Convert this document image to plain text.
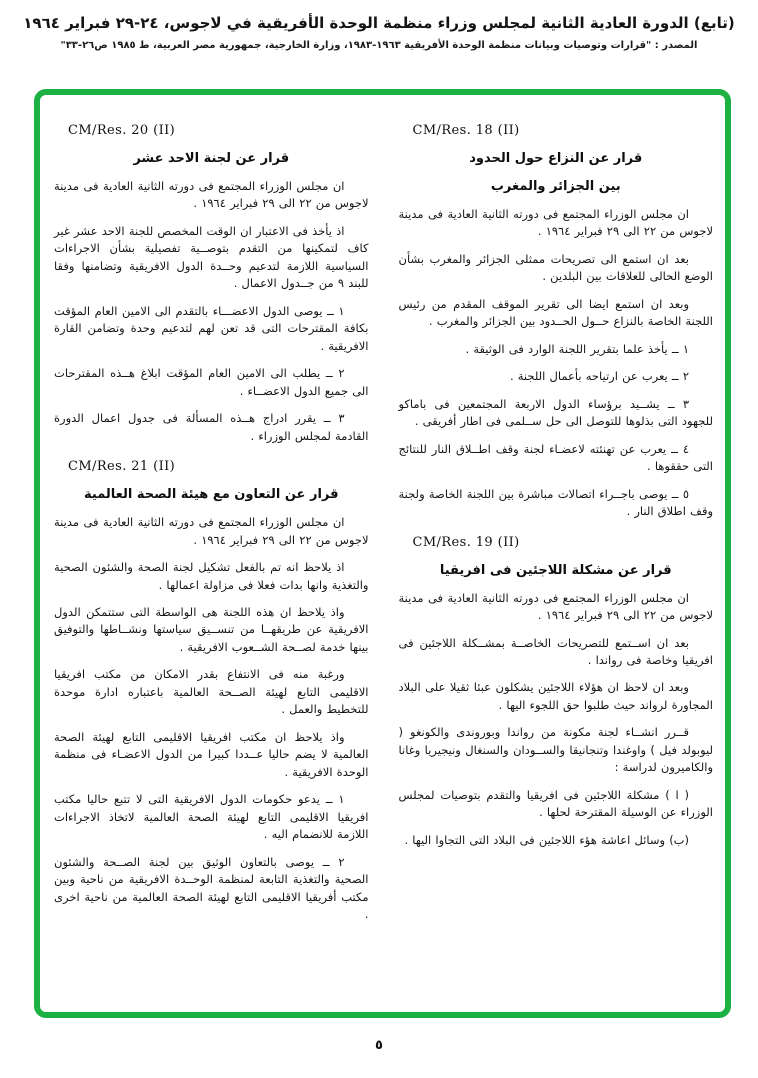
(تابع) الدورة العادية الثانية لمجلس وزراء منظمة الوحدة الأفريقية في لاجوس، ٢٤-٢٩ فبراير ١٩٦٤
المصدر : "قرارات وتوصيات وبيانات منظمة الوحدة الأفريقية ١٩٦٣-١٩٨٣، وزارة الخارجية، جمهورية مصر العربية، ط ١٩٨٥ ص٢٦-٣٣"
CM/Res. 18 (II)
قرار عن النزاع حول الحدود
بين الجزائر والمغرب
ان مجلس الوزراء المجتمع فى دورته الثانية العادية فى مدينة لاجوس من ٢٢ الى ٢٩ فبراير ١٩٦٤ .
بعد ان استمع الى تصريحات ممثلى الجزائر والمغرب بشأن الوضع الحالى للعلاقات بين البلدين .
وبعد ان استمع ايضا الى تقرير الموقف المقدم من رئيس اللجنة الخاصة بالنزاع حــول الحــدود بين الجزائر والمغرب .
١ ــ يأخذ علما بتقرير اللجنة الوارد فى الوثيقة .
٢ ــ يعرب عن ارتياحه بأعمال اللجنة .
٣ ــ يشــيد برؤساء الدول الاربعة المجتمعين فى باماكو للجهود التى بذلوها للتوصل الى حل ســلمى فى اطار أفريقى .
٤ ــ يعرب عن تهنئته لاعضـاء لجنة وقف اطــلاق النار للنتائج التى حققوها .
٥ ــ يوصى باجــراء اتصالات مباشرة بين اللجنة الخاصة ولجنة وقف اطلاق النار .
CM/Res. 19 (II)
قرار عن مشكلة اللاجئين فى افريقيا
ان مجلس الوزراء المجتمع فى دورته الثانية العادية فى مدينة لاجوس من ٢٢ الى ٢٩ فبراير ١٩٦٤ .
بعد ان اســتمع للتصريحات الخاصــة بمشــكلة اللاجئين فى افريقيا وخاصة فى رواندا .
وبعد ان لاحظ ان هؤلاء اللاجئين يشكلون عبئا ثقيلا على البلاد المجاورة لرواند حيث طلبوا حق اللجوء اليها .
قــرر انشــاء لجنة مكونة من رواندا وبوروندى والكونغو ( ليوبولد فيل ) واوغندا وتنجانيقا والســودان والسنغال ونيجيريا وغانا والكاميرون لدراسة :
( ا ) مشكلة اللاجئين فى افريقيا والتقدم بتوصيات لمجلس الوزراء عن الوسيلة المقترحة لحلها .
(ب) وسائل اعاشة هؤء اللاجئين فى البلاد التى التجاوا اليها .
CM/Res. 20 (II)
قرار عن لجنة الاحد عشر
ان مجلس الوزراء المجتمع فى دورته الثانية العادية فى مدينة لاجوس من ٢٢ الى ٢٩ فبراير ١٩٦٤ .
اذ يأخذ فى الاعتبار ان الوقت المخصص للجنة الاحد عشر غير كاف لتمكينها من التقدم بتوصــية تفصيلية بشأن الاجراءات السياسية اللازمة لتدعيم وحــدة الدول الافريقية وتضامنها وفقا للبند ٩ من جــدول الاعمال .
١ ــ يوصى الدول الاعضـــاء بالتقدم الى الامين العام المؤقت بكافة المقترحات التى قد تعن لهم لتدعيم وحدة وتضامن القارة الافريقية .
٢ ــ يطلب الى الامين العام المؤقت ابلاغ هــذه المقترحات الى جميع الدول الاعضــاء .
٣ ــ يقرر ادراج هــذه المسألة فى جدول اعمال الدورة القادمة لمجلس الوزراء .
CM/Res. 21 (II)
قرار عن التعاون مع هيئة الصحة العالمية
ان مجلس الوزراء المجتمع فى دورته الثانية العادية فى مدينة لاجوس من ٢٢ الى ٢٩ فبراير ١٩٦٤ .
اذ يلاحظ انه تم بالفعل تشكيل لجنة الصحة والشئون الصحية والتغذية وانها بدات فعلا فى مزاولة اعمالها .
واذ يلاحظ ان هذه اللجنة هى الواسطة التى ستتمكن الدول الافريقية عن طريقهــا من تنســيق سياستها ونشــاطها والتوفيق بينها خدمة لصــحة الشــعوب الافريقية .
ورغبة منه فى الانتفاع بقدر الامكان من مكتب افريقيا الاقليمى التابع لهيئة الصــحة العالمية باعتباره ادارة موحدة للتخطيط والعمل .
واذ يلاحظ ان مكتب افريقيا الاقليمى التابع لهيئة الصحة العالمية لا يضم حاليا عــددا كبيرا من الدول الاعضـاء فى منظمة الوحدة الافريقية .
١ ــ يدعو حكومات الدول الافريقية التى لا تتبع حاليا مكتب افريقيا الاقليمى التابع لهيئة الصحة العالمية لاتخاذ الاجراءات اللازمة للانضمام اليه .
٢ ــ يوصى بالتعاون الوثيق بين لجنة الصــحة والشئون الصحية والتغذية التابعة لمنظمة الوحــدة الافريقية من ناحية وبين مكتب أفريقيا الاقليمى التابع لهيئة الصحة العالمية من ناحية اخرى .
٥
